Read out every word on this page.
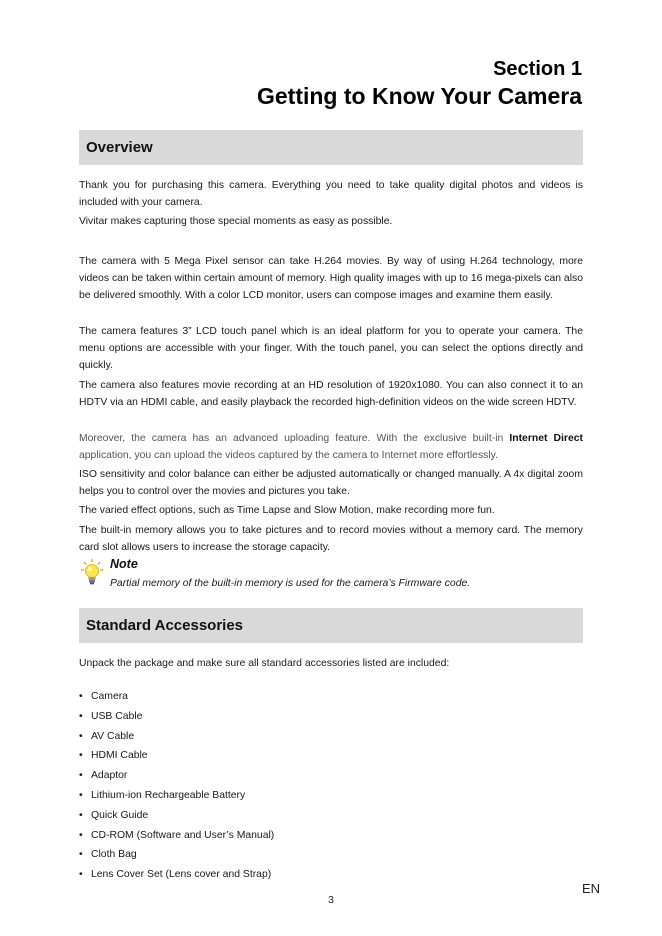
Section 1
Getting to Know Your Camera
Overview
Thank you for purchasing this camera. Everything you need to take quality digital photos and videos is included with your camera.
Vivitar makes capturing those special moments as easy as possible.
The camera with 5 Mega Pixel sensor can take H.264 movies. By way of using H.264 technology, more videos can be taken within certain amount of memory. High quality images with up to 16 mega-pixels can also be delivered smoothly. With a color LCD monitor, users can compose images and examine them easily.
The camera features 3” LCD touch panel which is an ideal platform for you to operate your camera. The menu options are accessible with your finger. With the touch panel, you can select the options directly and quickly.
The camera also features movie recording at an HD resolution of 1920x1080. You can also connect it to an HDTV via an HDMI cable, and easily playback the recorded high-definition videos on the wide screen HDTV.
Moreover, the camera has an advanced uploading feature. With the exclusive built-in Internet Direct application, you can upload the videos captured by the camera to Internet more effortlessly.
ISO sensitivity and color balance can either be adjusted automatically or changed manually. A 4x digital zoom helps you to control over the movies and pictures you take.
The varied effect options, such as Time Lapse and Slow Motion, make recording more fun.
The built-in memory allows you to take pictures and to record movies without a memory card. The memory card slot allows users to increase the storage capacity.
Note
Partial memory of the built-in memory is used for the camera’s Firmware code.
Standard Accessories
Unpack the package and make sure all standard accessories listed are included:
• Camera
• USB Cable
• AV Cable
• HDMI Cable
• Adaptor
• Lithium-ion Rechargeable Battery
• Quick Guide
• CD-ROM (Software and User’s Manual)
• Cloth Bag
• Lens Cover Set (Lens cover and Strap)
EN
3
